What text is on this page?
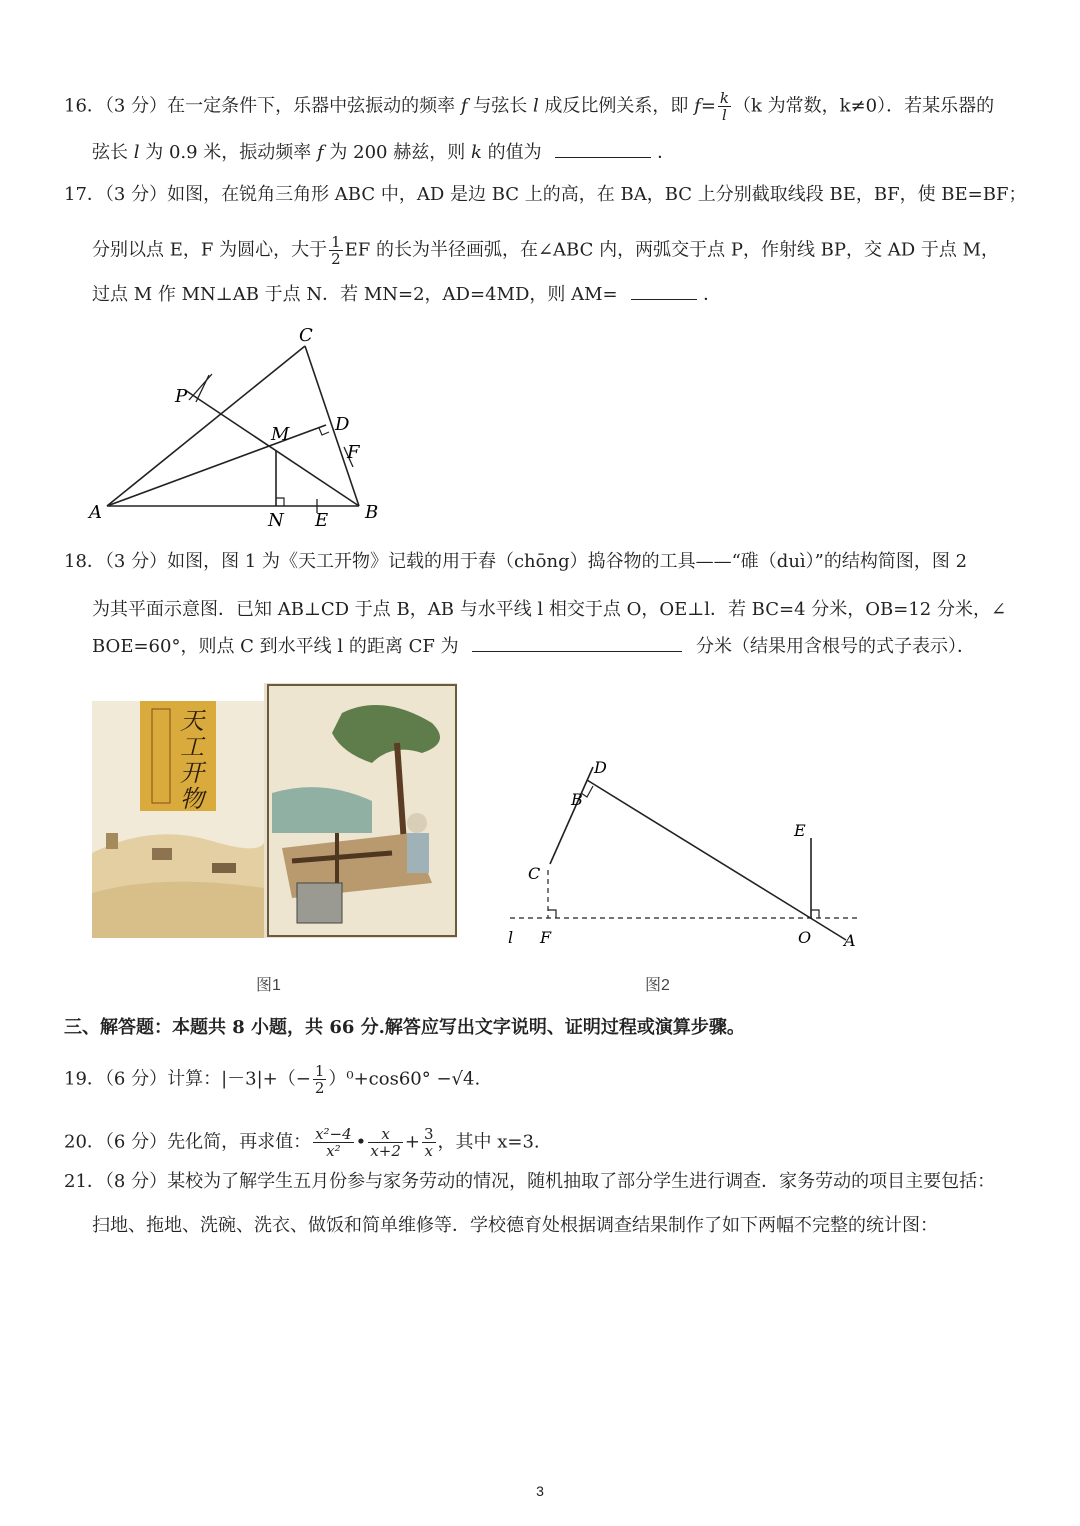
16．（3 分）在一定条件下，乐器中弦振动的频率 f 与弦长 l 成反比例关系，即 $f= \frac{k}{l} (k$ 为常数，k≠0）．若某乐器的
弦长 l 为 0.9 米，振动频率 f 为 200 赫兹，则 k 的值为	．
17．（3 分）如图，在锐角三角形 ABC 中，AD 是边 BC 上的高，在 BA，BC 上分别截取线段 BE，BF，使 BE=BF；
分别以点 E，F 为圆心，大于 $\frac{1}{2}$ EF 的长为半径画弧，在∠ABC 内，两弧交于点 P，作射线 BP，交 AD 于点 M，
过点 M 作 MN⊥AB 于点 N．若 MN=2，AD=4MD，则 AM=	．
A	B
C
D
E
F
M
N
P
18．（3 分）如图，图 1 为《天工开物》记载的用于舂（chōng）捣谷物的工具——“碓（duì）”的结构简图，图 2
为其平面示意图．已知 AB⊥CD 于点 B，AB 与水平线 l 相交于点 O，OE⊥l．若 BC=4 分米，OB=12 分米，∠
BOE=60°，则点 C 到水平线 l 的距离 CF 为	分米（结果用含根号的式子表示）．
天工开物
图1
D
B
C
E
l F	O A
图2
三、解答题：本题共 8 小题，共 66 分.解答应写出文字说明、证明过程或演算步骤。
19．（6 分）计算：$|-3|+(- \frac{1}{2} )^0+\cos 60^\circ -√4$.
20．（6 分）先化简，再求值： $\frac{\text{x²−4}}{\text{x²}}$ • $\frac{x}{x+2} + \frac{3}{x}$ ，其中 x=3.
21．（8 分）某校为了解学生五月份参与家务劳动的情况，随机抽取了部分学生进行调查．家务劳动的项目主要包括：
扫地、拖地、洗碗、洗衣、做饭和简单维修等．学校德育处根据调查结果制作了如下两幅不完整的统计图：
3
